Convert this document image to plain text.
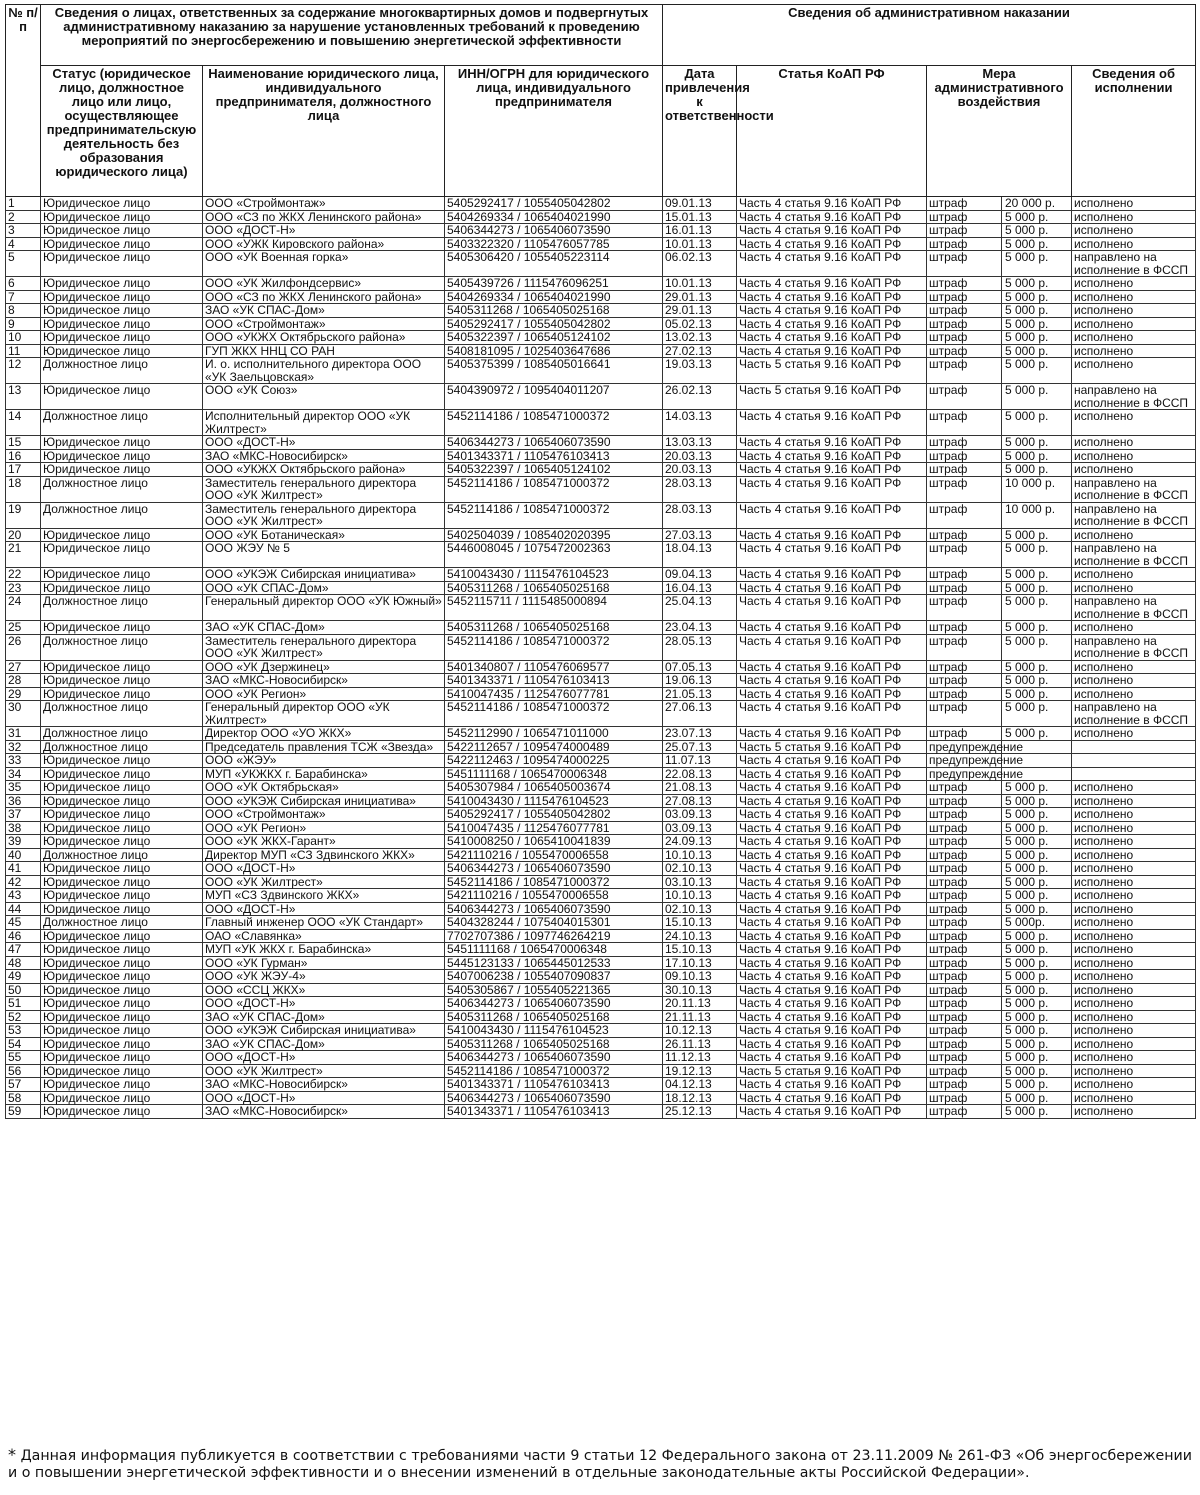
№ п/п	Сведения о лицах, ответственных за содержание многоквартирных домов и подвергнутых административному наказанию за нарушение установленных требований к проведению мероприятий по энергосбережению и повышению энергетической эффективности			Сведения об административном наказании				
	Статус (юридическое лицо, должностное лицо или лицо, осуществляющее предпринимательскую деятельность без образования юридического лица)	Наименование юридического лица, индивидуального предпринимателя, должностного лица	ИНН/ОГРН для юридического лица, индивидуального предпринимателя	Дата привлечения к ответственности	Статья КоАП РФ	Мера административного воздействия		Сведения об исполнении
1	Юридическое лицо	ООО «Строймонтаж»	5405292417 / 1055405042802	09.01.13	Часть 4 статья 9.16 КоАП РФ	штраф	20 000 р.	исполнено
2	Юридическое лицо	ООО «СЗ по ЖКХ Ленинского района»	5404269334 / 1065404021990	15.01.13	Часть 4 статья 9.16 КоАП РФ	штраф	5 000 р.	исполнено
3	Юридическое лицо	ООО «ДОСТ-Н»	5406344273 / 1065406073590	16.01.13	Часть 4 статья 9.16 КоАП РФ	штраф	5 000 р.	исполнено
4	Юридическое лицо	ООО «УЖК Кировского района»	5403322320 / 1105476057785	10.01.13	Часть 4 статья 9.16 КоАП РФ	штраф	5 000 р.	исполнено
5	Юридическое лицо	ООО «УК Военная горка»	5405306420 / 1055405223114	06.02.13	Часть 4 статья 9.16 КоАП РФ	штраф	5 000 р.	направлено на исполнение в ФССП
6	Юридическое лицо	ООО «УК Жилфондсервис»	5405439726 / 1115476096251	10.01.13	Часть 4 статья 9.16 КоАП РФ	штраф	5 000 р.	исполнено
7	Юридическое лицо	ООО «СЗ по ЖКХ Ленинского района»	5404269334 / 1065404021990	29.01.13	Часть 4 статья 9.16 КоАП РФ	штраф	5 000 р.	исполнено
8	Юридическое лицо	ЗАО «УК СПАС-Дом»	5405311268 / 1065405025168	29.01.13	Часть 4 статья 9.16 КоАП РФ	штраф	5 000 р.	исполнено
9	Юридическое лицо	ООО «Строймонтаж»	5405292417 / 1055405042802	05.02.13	Часть 4 статья 9.16 КоАП РФ	штраф	5 000 р.	исполнено
10	Юридическое лицо	ООО «УКЖХ Октябрьского района»	5405322397 / 1065405124102	13.02.13	Часть 4 статья 9.16 КоАП РФ	штраф	5 000 р.	исполнено
11	Юридическое лицо	ГУП ЖКХ ННЦ СО РАН	5408181095 / 1025403647686	27.02.13	Часть 4 статья 9.16 КоАП РФ	штраф	5 000 р.	исполнено
12	Должностное лицо	И. о. исполнительного директора ООО «УК Заельцовская»	5405375399 / 1085405016641	19.03.13	Часть 5 статья 9.16 КоАП РФ	штраф	5 000 р.	исполнено
13	Юридическое лицо	ООО «УК Союз»	5404390972 / 1095404011207	26.02.13	Часть 5 статья 9.16 КоАП РФ	штраф	5 000 р.	направлено на исполнение в ФССП
14	Должностное лицо	Исполнительный директор ООО «УК Жилтрест»	5452114186 / 1085471000372	14.03.13	Часть 4 статья 9.16 КоАП РФ	штраф	5 000 р.	исполнено
15	Юридическое лицо	ООО «ДОСТ-Н»	5406344273 / 1065406073590	13.03.13	Часть 4 статья 9.16 КоАП РФ	штраф	5 000 р.	исполнено
16	Юридическое лицо	ЗАО «МКС-Новосибирск»	5401343371 / 1105476103413	20.03.13	Часть 4 статья 9.16 КоАП РФ	штраф	5 000 р.	исполнено
17	Юридическое лицо	ООО «УКЖХ Октябрьского района»	5405322397 / 1065405124102	20.03.13	Часть 4 статья 9.16 КоАП РФ	штраф	5 000 р.	исполнено
18	Должностное лицо	Заместитель генерального директора ООО «УК Жилтрест»	5452114186 / 1085471000372	28.03.13	Часть 4 статья 9.16 КоАП РФ	штраф	10 000 р.	направлено на исполнение в ФССП
19	Должностное лицо	Заместитель генерального директора ООО «УК Жилтрест»	5452114186 / 1085471000372	28.03.13	Часть 4 статья 9.16 КоАП РФ	штраф	10 000 р.	направлено на исполнение в ФССП
20	Юридическое лицо	ООО «УК Ботаническая»	5402504039 / 1085402020395	27.03.13	Часть 4 статья 9.16 КоАП РФ	штраф	5 000 р.	исполнено
21	Юридическое лицо	ООО ЖЭУ № 5	5446008045 / 1075472002363	18.04.13	Часть 4 статья 9.16 КоАП РФ	штраф	5 000 р.	направлено на исполнение в ФССП
22	Юридическое лицо	ООО «УКЭЖ Сибирская инициатива»	5410043430 / 1115476104523	09.04.13	Часть 4 статья 9.16 КоАП РФ	штраф	5 000 р.	исполнено
23	Юридическое лицо	ООО «УК СПАС-Дом»	5405311268 / 1065405025168	16.04.13	Часть 4 статья 9.16 КоАП РФ	штраф	5 000 р.	исполнено
24	Должностное лицо	Генеральный директор ООО «УК Южный»	5452115711 / 1115485000894	25.04.13	Часть 4 статья 9.16 КоАП РФ	штраф	5 000 р.	направлено на исполнение в ФССП
25	Юридическое лицо	ЗАО «УК СПАС-Дом»	5405311268 / 1065405025168	23.04.13	Часть 4 статья 9.16 КоАП РФ	штраф	5 000 р.	исполнено
26	Должностное лицо	Заместитель генерального директора ООО «УК Жилтрест»	5452114186 / 1085471000372	28.05.13	Часть 4 статья 9.16 КоАП РФ	штраф	5 000 р.	направлено на исполнение в ФССП
27	Юридическое лицо	ООО «УК Дзержинец»	5401340807 / 1105476069577	07.05.13	Часть 4 статья 9.16 КоАП РФ	штраф	5 000 р.	исполнено
28	Юридическое лицо	ЗАО «МКС-Новосибирск»	5401343371 / 1105476103413	19.06.13	Часть 4 статья 9.16 КоАП РФ	штраф	5 000 р.	исполнено
29	Юридическое лицо	ООО «УК Регион»	5410047435 / 1125476077781	21.05.13	Часть 4 статья 9.16 КоАП РФ	штраф	5 000 р.	исполнено
30	Должностное лицо	Генеральный директор ООО «УК Жилтрест»	5452114186 / 1085471000372	27.06.13	Часть 4 статья 9.16 КоАП РФ	штраф	5 000 р.	направлено на исполнение в ФССП
31	Должностное лицо	Директор ООО «УО ЖКХ»	5452112990 / 1065471011000	23.07.13	Часть 4 статья 9.16 КоАП РФ	штраф	5 000 р.	исполнено
32	Должностное лицо	Председатель правления ТСЖ «Звезда»	5422112657 / 1095474000489	25.07.13	Часть 5 статья 9.16 КоАП РФ	предупреждение		
33	Юридическое лицо	ООО «ЖЭУ»	5422112463 / 1095474000225	11.07.13	Часть 4 статья 9.16 КоАП РФ	предупреждение		
34	Юридическое лицо	МУП «УКЖКХ г. Барабинска»	5451111168 / 1065470006348	22.08.13	Часть 4 статья 9.16 КоАП РФ	предупреждение		
35	Юридическое лицо	ООО «УК Октябрьская»	5405307984 / 1065405003674	21.08.13	Часть 4 статья 9.16 КоАП РФ	штраф	5 000 р.	исполнено
36	Юридическое лицо	ООО «УКЭЖ Сибирская инициатива»	5410043430 / 1115476104523	27.08.13	Часть 4 статья 9.16 КоАП РФ	штраф	5 000 р.	исполнено
37	Юридическое лицо	ООО «Строймонтаж»	5405292417 / 1055405042802	03.09.13	Часть 4 статья 9.16 КоАП РФ	штраф	5 000 р.	исполнено
38	Юридическое лицо	ООО «УК Регион»	5410047435 / 1125476077781	03.09.13	Часть 4 статья 9.16 КоАП РФ	штраф	5 000 р.	исполнено
39	Юридическое лицо	ООО «УК ЖКХ-Гарант»	5410008250 / 1065410041839	24.09.13	Часть 4 статья 9.16 КоАП РФ	штраф	5 000 р.	исполнено
40	Должностное лицо	Директор МУП «СЗ Здвинского ЖКХ»	5421110216 / 1055470006558	10.10.13	Часть 4 статья 9.16 КоАП РФ	штраф	5 000 р.	исполнено
41	Юридическое лицо	ООО «ДОСТ-Н»	5406344273 / 1065406073590	02.10.13	Часть 4 статья 9.16 КоАП РФ	штраф	5 000 р.	исполнено
42	Юридическое лицо	ООО «УК Жилтрест»	5452114186 / 1085471000372	03.10.13	Часть 4 статья 9.16 КоАП РФ	штраф	5 000 р.	исполнено
43	Юридическое лицо	МУП «СЗ Здвинского ЖКХ»	5421110216 / 1055470006558	10.10.13	Часть 4 статья 9.16 КоАП РФ	штраф	5 000 р.	исполнено
44	Юридическое лицо	ООО «ДОСТ-Н»	5406344273 / 1065406073590	02.10.13	Часть 4 статья 9.16 КоАП РФ	штраф	5 000 р.	исполнено
45	Должностное лицо	Главный инженер ООО «УК Стандарт»	5404328244 / 1075404015301	15.10.13	Часть 4 статья 9.16 КоАП РФ	штраф	5 000р.	исполнено
46	Юридическое лицо	ОАО «Славянка»	7702707386 / 1097746264219	24.10.13	Часть 4 статья 9.16 КоАП РФ	штраф	5 000 р.	исполнено
47	Юридическое лицо	МУП «УК ЖКХ г. Барабинска»	5451111168 / 1065470006348	15.10.13	Часть 4 статья 9.16 КоАП РФ	штраф	5 000 р.	исполнено
48	Юридическое лицо	ООО «УК Гурман»	5445123133 / 1065445012533	17.10.13	Часть 4 статья 9.16 КоАП РФ	штраф	5 000 р.	исполнено
49	Юридическое лицо	ООО «УК ЖЭУ-4»	5407006238 / 1055407090837	09.10.13	Часть 4 статья 9.16 КоАП РФ	штраф	5 000 р.	исполнено
50	Юридическое лицо	ООО «ССЦ ЖКХ»	5405305867 / 1055405221365	30.10.13	Часть 4 статья 9.16 КоАП РФ	штраф	5 000 р.	исполнено
51	Юридическое лицо	ООО «ДОСТ-Н»	5406344273 / 1065406073590	20.11.13	Часть 4 статья 9.16 КоАП РФ	штраф	5 000 р.	исполнено
52	Юридическое лицо	ЗАО «УК СПАС-Дом»	5405311268 / 1065405025168	21.11.13	Часть 4 статья 9.16 КоАП РФ	штраф	5 000 р.	исполнено
53	Юридическое лицо	ООО «УКЭЖ Сибирская инициатива»	5410043430 / 1115476104523	10.12.13	Часть 4 статья 9.16 КоАП РФ	штраф	5 000 р.	исполнено
54	Юридическое лицо	ЗАО «УК СПАС-Дом»	5405311268 / 1065405025168	26.11.13	Часть 4 статья 9.16 КоАП РФ	штраф	5 000 р.	исполнено
55	Юридическое лицо	ООО «ДОСТ-Н»	5406344273 / 1065406073590	11.12.13	Часть 4 статья 9.16 КоАП РФ	штраф	5 000 р.	исполнено
56	Юридическое лицо	ООО «УК Жилтрест»	5452114186 / 1085471000372	19.12.13	Часть 5 статья 9.16 КоАП РФ	штраф	5 000 р.	исполнено
57	Юридическое лицо	ЗАО «МКС-Новосибирск»	5401343371 / 1105476103413	04.12.13	Часть 4 статья 9.16 КоАП РФ	штраф	5 000 р.	исполнено
58	Юридическое лицо	ООО «ДОСТ-Н»	5406344273 / 1065406073590	18.12.13	Часть 4 статья 9.16 КоАП РФ	штраф	5 000 р.	исполнено
59	Юридическое лицо	ЗАО «МКС-Новосибирск»	5401343371 / 1105476103413	25.12.13	Часть 4 статья 9.16 КоАП РФ	штраф	5 000 р.	исполнено
* Данная информация публикуется в соответствии с требованиями части 9 статьи 12 Федерального закона от 23.11.2009 № 261-ФЗ «Об энергосбережении и о повышении энергетической эффективности и о внесении изменений в отдельные законодательные акты Российской Федерации».
